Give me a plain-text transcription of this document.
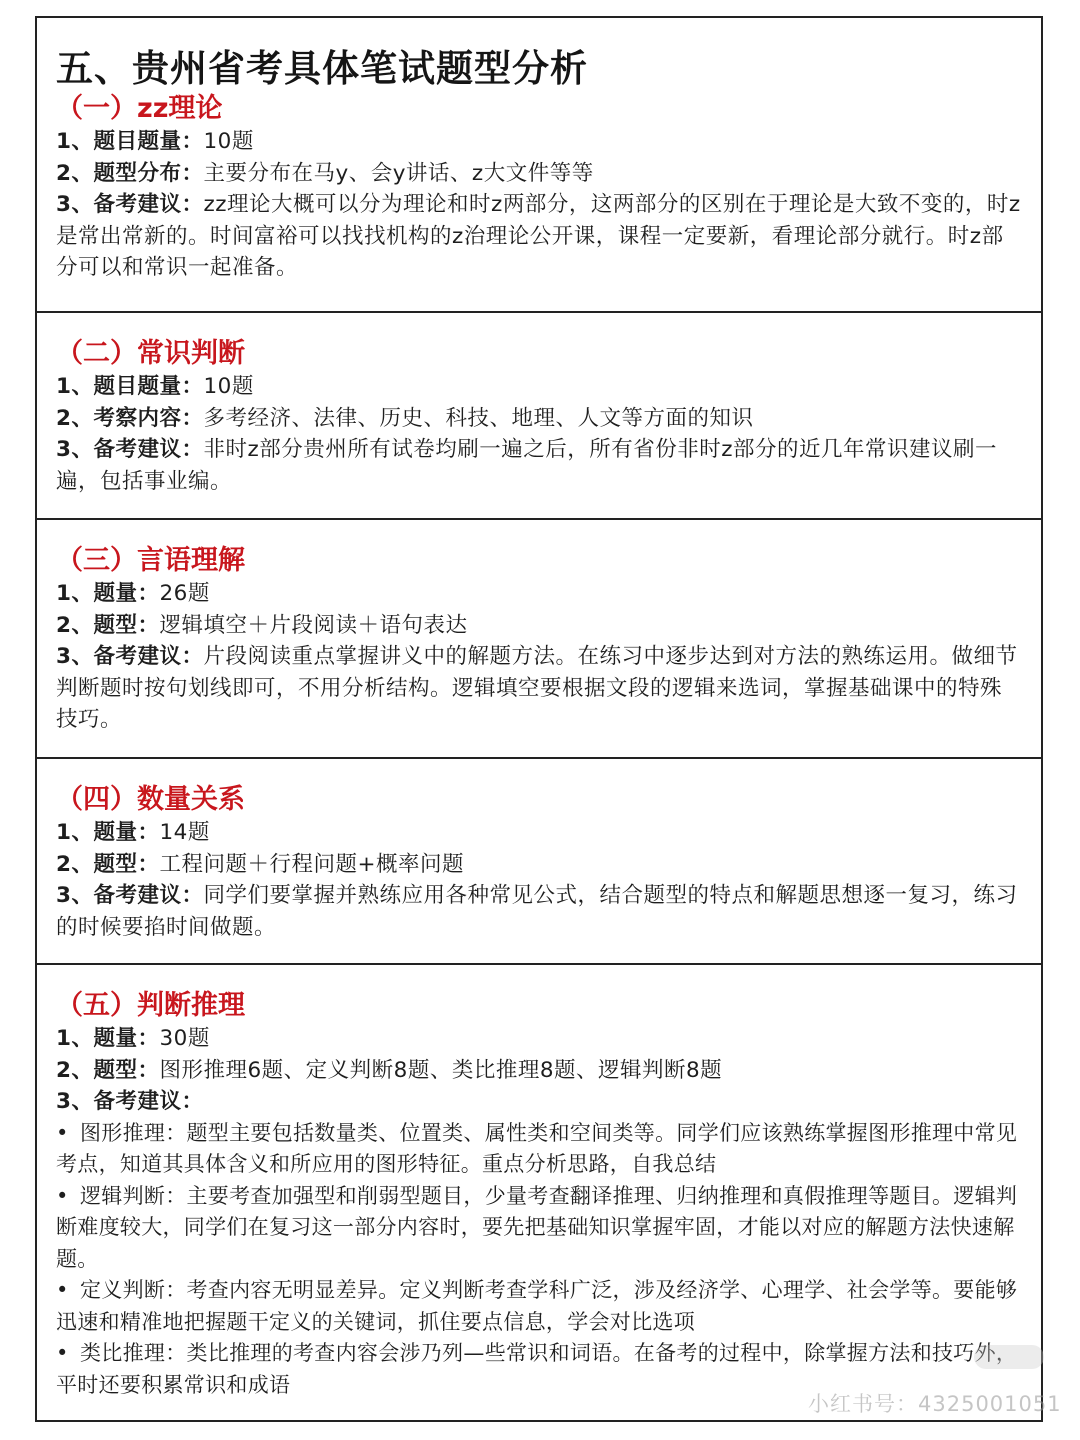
五、贵州省考具体笔试题型分析
（一）zz理论
1、题目题量：10题
2、题型分布：主要分布在马y、会y讲话、z大文件等等
3、备考建议：zz理论大概可以分为理论和时z两部分，这两部分的区别在于理论是大致不变的，时z是常出常新的。时间富裕可以找找机构的z治理论公开课，课程一定要新，看理论部分就行。时z部分可以和常识一起准备。
（二）常识判断
1、题目题量：10题
2、考察内容：多考经济、法律、历史、科技、地理、人文等方面的知识
3、备考建议：非时z部分贵州所有试卷均刷一遍之后，所有省份非时z部分的近几年常识建议刷一遍，包括事业编。
（三）言语理解
1、题量：26题
2、题型：逻辑填空＋片段阅读＋语句表达
3、备考建议：片段阅读重点掌握讲义中的解题方法。在练习中逐步达到对方法的熟练运用。做细节判断题时按句划线即可，不用分析结构。逻辑填空要根据文段的逻辑来选词，掌握基础课中的特殊技巧。
（四）数量关系
1、题量：14题
2、题型：工程问题＋行程问题+概率问题
3、备考建议：同学们要掌握并熟练应用各种常见公式，结合题型的特点和解题思想逐一复习，练习的时候要掐时间做题。
（五）判断推理
1、题量：30题
2、题型：图形推理6题、定义判断8题、类比推理8题、逻辑判断8题
3、备考建议：
• 图形推理：题型主要包括数量类、位置类、属性类和空间类等。同学们应该熟练掌握图形推理中常见考点，知道其具体含义和所应用的图形特征。重点分析思路，自我总结
• 逻辑判断：主要考查加强型和削弱型题目，少量考查翻译推理、归纳推理和真假推理等题目。逻辑判断难度较大，同学们在复习这一部分内容时，要先把基础知识掌握牢固，才能以对应的解题方法快速解题。
• 定义判断：考查内容无明显差异。定义判断考查学科广泛，涉及经济学、心理学、社会学等。要能够迅速和精准地把握题干定义的关键词，抓住要点信息，学会对比选项
• 类比推理：类比推理的考查内容会涉乃列—些常识和词语。在备考的过程中，除掌握方法和技巧外，平时还要积累常识和成语
小红书号：4325001051
